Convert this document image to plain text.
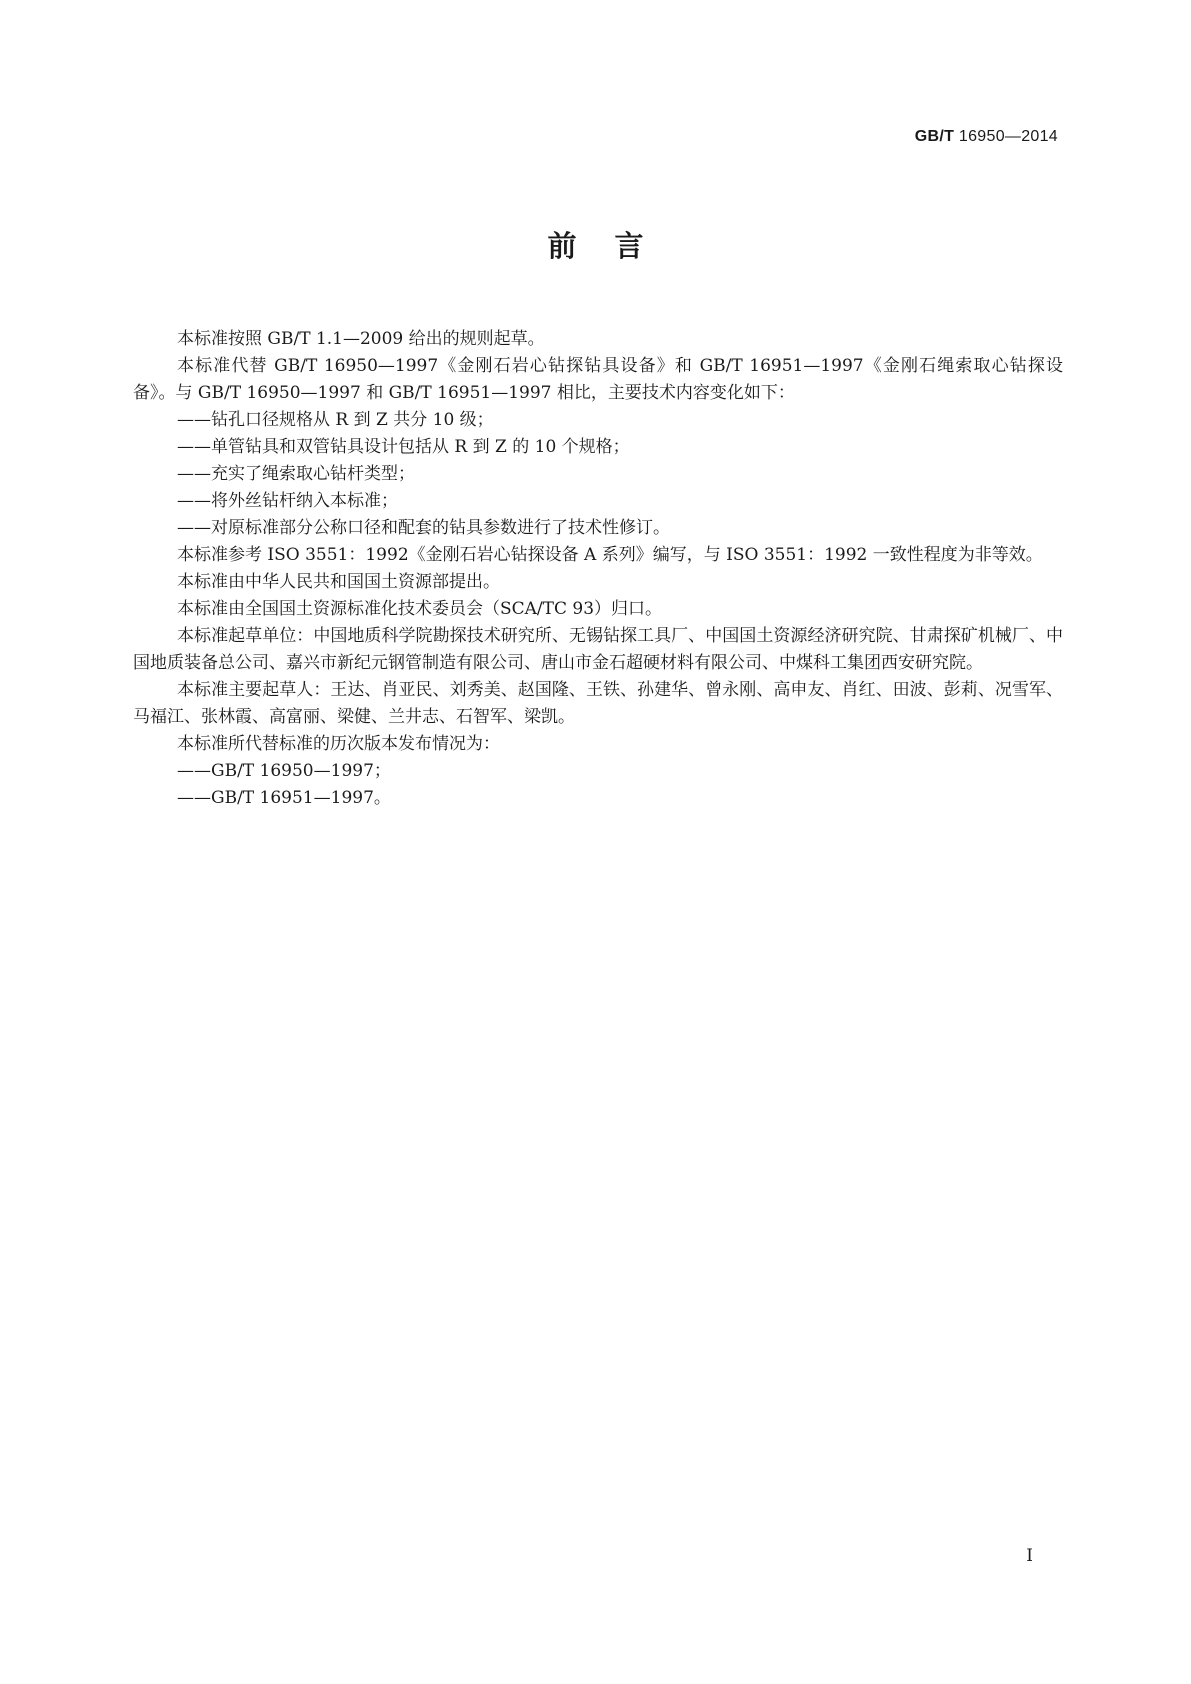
GB/T 16950—2014
前言

本标准按照 GB/T 1.1—2009 给出的规则起草。

本标准代替 GB/T 16950—1997《金刚石岩心钻探钻具设备》和 GB/T 16951—1997《金刚石绳索取心钻探设备》。与 GB/T 16950—1997 和 GB/T 16951—1997 相比，主要技术内容变化如下：

——钻孔口径规格从 R 到 Z 共分 10 级；

——单管钻具和双管钻具设计包括从 R 到 Z 的 10 个规格；

——充实了绳索取心钻杆类型；

——将外丝钻杆纳入本标准；

——对原标准部分公称口径和配套的钻具参数进行了技术性修订。

本标准参考 ISO 3551：1992《金刚石岩心钻探设备 A 系列》编写，与 ISO 3551：1992 一致性程度为非等效。

本标准由中华人民共和国国土资源部提出。

本标准由全国国土资源标准化技术委员会（SCA/TC 93）归口。

本标准起草单位：中国地质科学院勘探技术研究所、无锡钻探工具厂、中国国土资源经济研究院、甘肃探矿机械厂、中国地质装备总公司、嘉兴市新纪元钢管制造有限公司、唐山市金石超硬材料有限公司、中煤科工集团西安研究院。

本标准主要起草人：王达、肖亚民、刘秀美、赵国隆、王铁、孙建华、曾永刚、高申友、肖红、田波、彭莉、况雪军、马福江、张林霞、高富丽、梁健、兰井志、石智军、梁凯。

本标准所代替标准的历次版本发布情况为：

——GB/T 16950—1997；

——GB/T 16951—1997。

I
